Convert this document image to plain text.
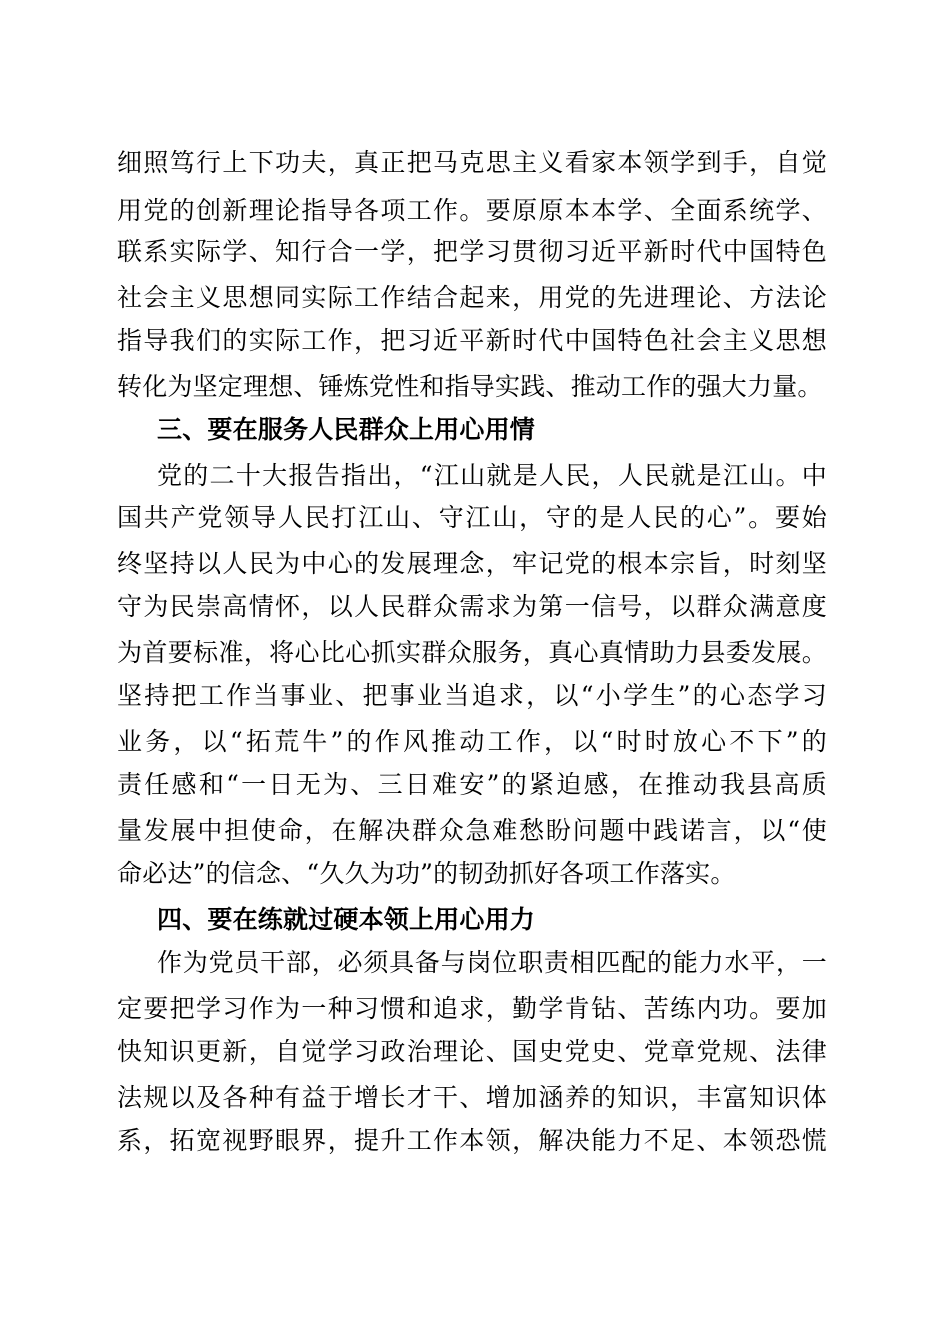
细照笃行上下功夫，真正把马克思主义看家本领学到手，自觉
用党的创新理论指导各项工作。要原原本本学、全面系统学、
联系实际学、知行合一学，把学习贯彻习近平新时代中国特色
社会主义思想同实际工作结合起来，用党的先进理论、方法论
指导我们的实际工作，把习近平新时代中国特色社会主义思想
转化为坚定理想、锤炼党性和指导实践、推动工作的强大力量。
三、要在服务人民群众上用心用情
党的二十大报告指出，“江山就是人民，人民就是江山。中
国共产党领导人民打江山、守江山，守的是人民的心”。要始
终坚持以人民为中心的发展理念，牢记党的根本宗旨，时刻坚
守为民崇高情怀，以人民群众需求为第一信号，以群众满意度
为首要标准，将心比心抓实群众服务，真心真情助力县委发展。
坚持把工作当事业、把事业当追求，以“小学生”的心态学习
业务，以“拓荒牛”的作风推动工作，以“时时放心不下”的
责任感和“一日无为、三日难安”的紧迫感，在推动我县高质
量发展中担使命，在解决群众急难愁盼问题中践诺言，以“使
命必达”的信念、“久久为功”的韧劲抓好各项工作落实。
四、要在练就过硬本领上用心用力
作为党员干部，必须具备与岗位职责相匹配的能力水平，一
定要把学习作为一种习惯和追求，勤学肯钻、苦练内功。要加
快知识更新，自觉学习政治理论、国史党史、党章党规、法律
法规以及各种有益于增长才干、增加涵养的知识，丰富知识体
系，拓宽视野眼界，提升工作本领，解决能力不足、本领恐慌
